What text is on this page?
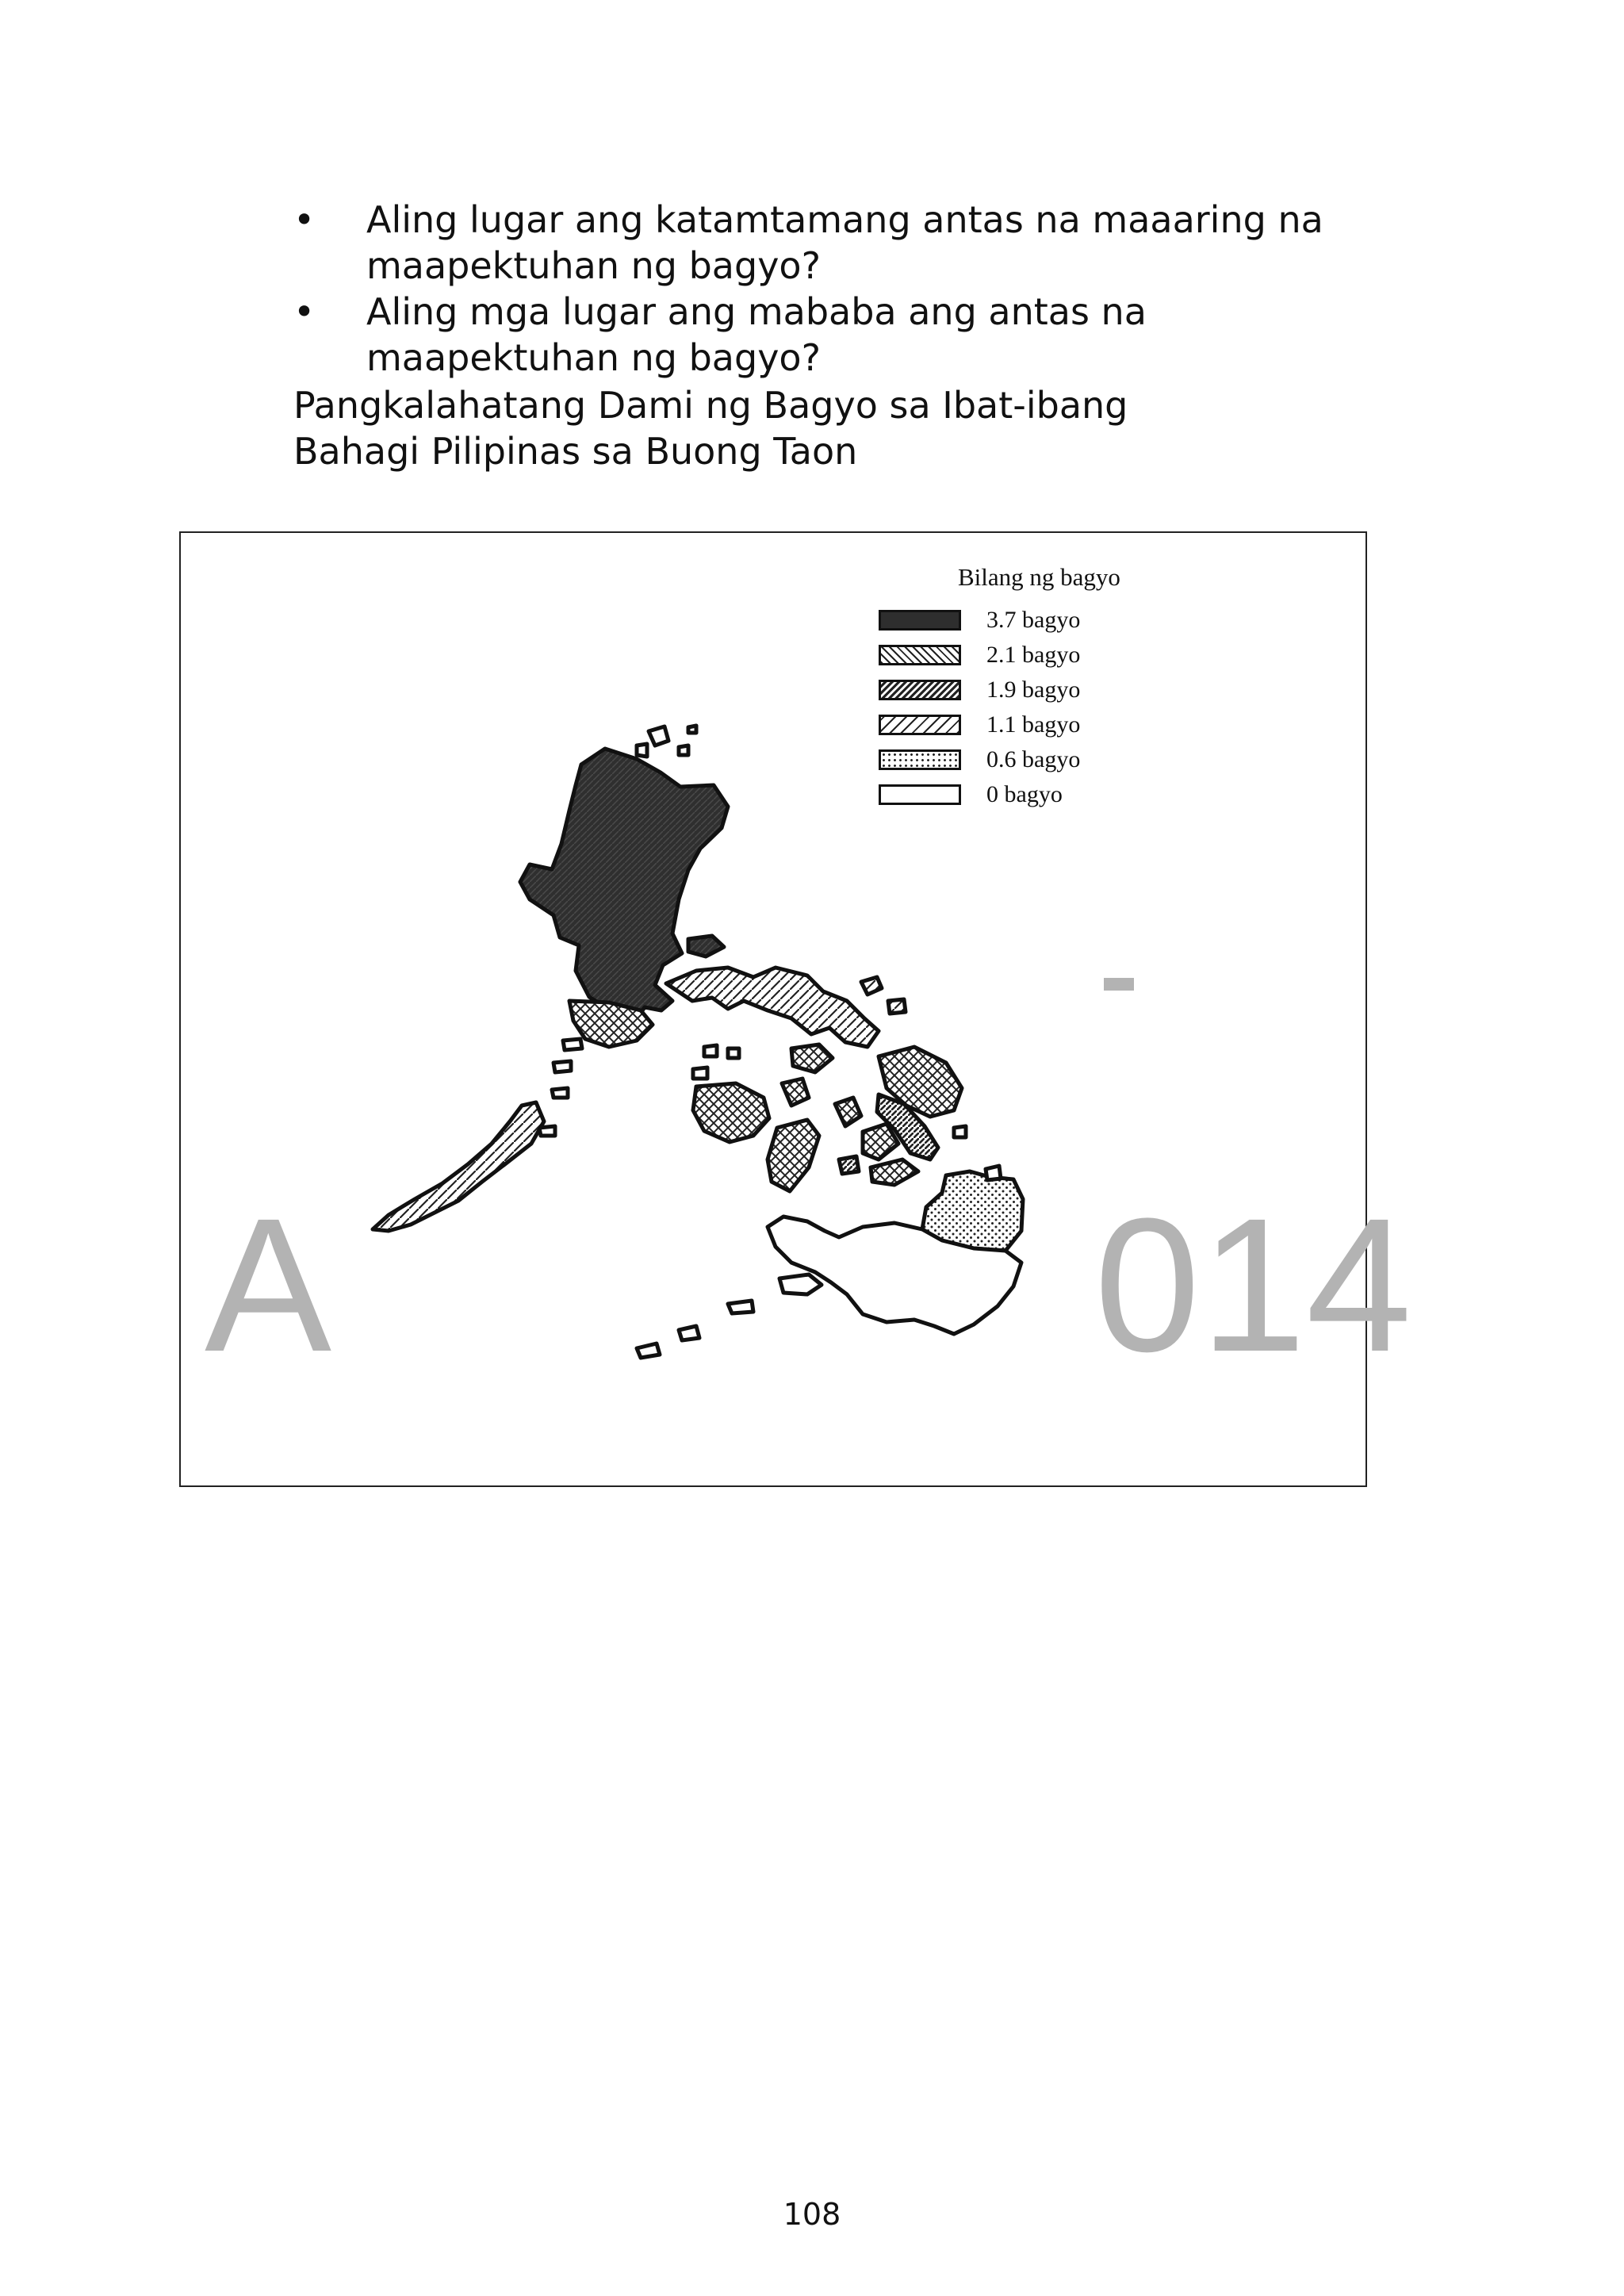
• Aling lugar ang katamtamang antas na maaaring na
maapektuhan ng bagyo?
• Aling mga lugar ang mababa ang antas na
maapektuhan ng bagyo?
Pangkalahatang Dami ng Bagyo sa Ibat-ibang
Bahagi Pilipinas sa Buong Taon
Bilang ng bagyo
3.7 bagyo
2.1 bagyo
1.9 bagyo
1.1 bagyo
0.6 bagyo
0 bagyo
A	014
108
